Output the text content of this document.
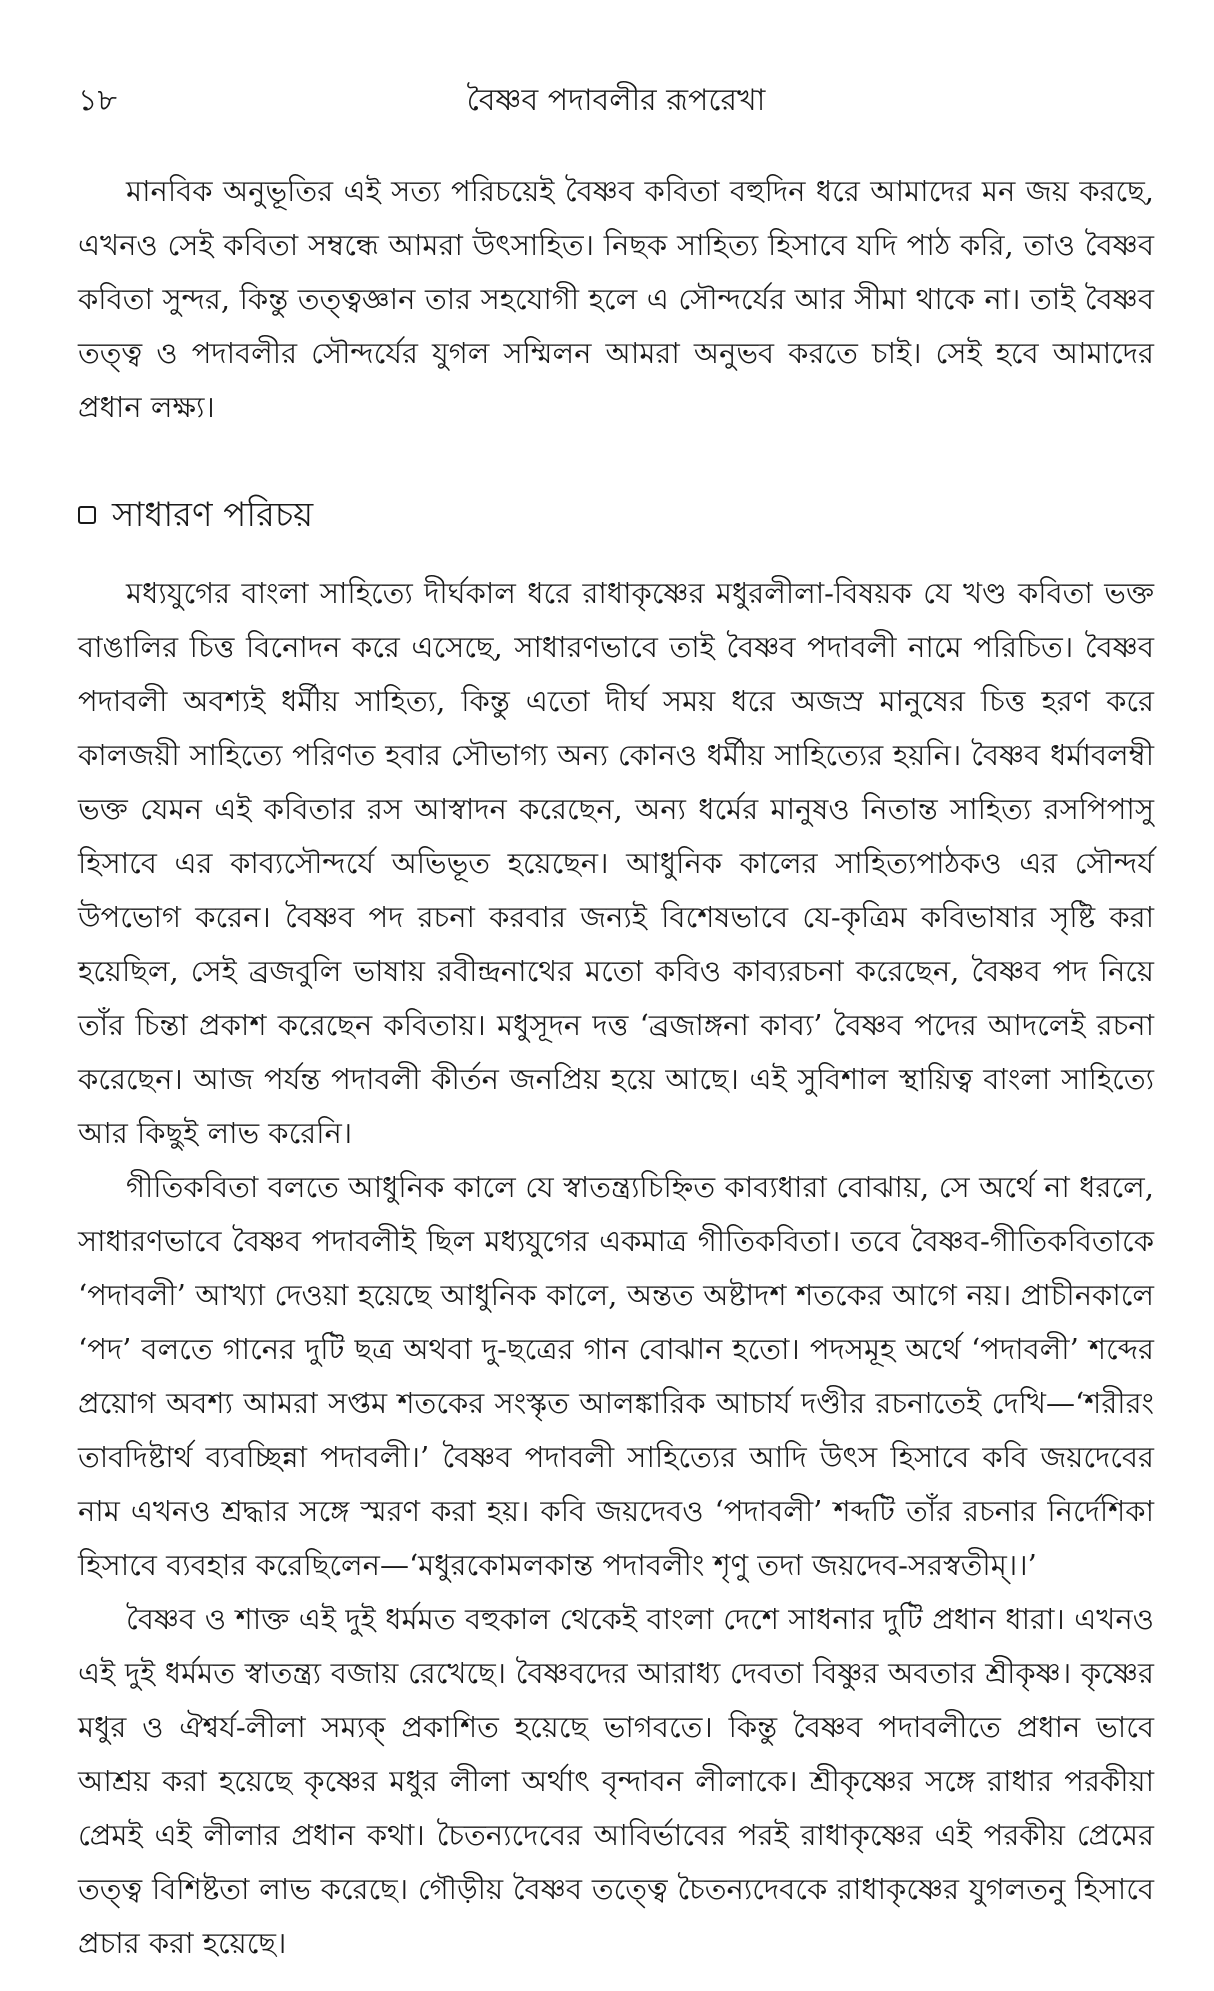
১৮	বৈষ্ণব পদাবলীর রূপরেখা

মানবিক অনুভূতির এই সত্য পরিচয়েই বৈষ্ণব কবিতা বহুদিন ধরে আমাদের মন জয় করছে, এখনও সেই কবিতা সম্বন্ধে আমরা উৎসাহিত। নিছক সাহিত্য হিসাবে যদি পাঠ করি, তাও বৈষ্ণব কবিতা সুন্দর, কিন্তু তত্ত্বজ্ঞান তার সহযোগী হলে এ সৌন্দর্যের আর সীমা থাকে না। তাই বৈষ্ণব তত্ত্ব ও পদাবলীর সৌন্দর্যের যুগল সম্মিলন আমরা অনুভব করতে চাই। সেই হবে আমাদের প্রধান লক্ষ্য।

সাধারণ পরিচয়

মধ্যযুগের বাংলা সাহিত্যে দীর্ঘকাল ধরে রাধাকৃষ্ণের মধুরলীলা-বিষয়ক যে খণ্ড কবিতা ভক্ত বাঙালির চিত্ত বিনোদন করে এসেছে, সাধারণভাবে তাই বৈষ্ণব পদাবলী নামে পরিচিত। বৈষ্ণব পদাবলী অবশ্যই ধর্মীয় সাহিত্য, কিন্তু এতো দীর্ঘ সময় ধরে অজস্র মানুষের চিত্ত হরণ করে কালজয়ী সাহিত্যে পরিণত হবার সৌভাগ্য অন্য কোনও ধর্মীয় সাহিত্যের হয়নি। বৈষ্ণব ধর্মাবলম্বী ভক্ত যেমন এই কবিতার রস আস্বাদন করেছেন, অন্য ধর্মের মানুষও নিতান্ত সাহিত্য রসপিপাসু হিসাবে এর কাব্যসৌন্দর্যে অভিভূত হয়েছেন। আধুনিক কালের সাহিত্যপাঠকও এর সৌন্দর্য উপভোগ করেন। বৈষ্ণব পদ রচনা করবার জন্যই বিশেষভাবে যে-কৃত্রিম কবিভাষার সৃষ্টি করা হয়েছিল, সেই ব্রজবুলি ভাষায় রবীন্দ্রনাথের মতো কবিও কাব্যরচনা করেছেন, বৈষ্ণব পদ নিয়ে তাঁর চিন্তা প্রকাশ করেছেন কবিতায়। মধুসূদন দত্ত ‘ব্রজাঙ্গনা কাব্য’ বৈষ্ণব পদের আদলেই রচনা করেছেন। আজ পর্যন্ত পদাবলী কীর্তন জনপ্রিয় হয়ে আছে। এই সুবিশাল স্থায়িত্ব বাংলা সাহিত্যে আর কিছুই লাভ করেনি।

গীতিকবিতা বলতে আধুনিক কালে যে স্বাতন্ত্র্যচিহ্নিত কাব্যধারা বোঝায়, সে অর্থে না ধরলে, সাধারণভাবে বৈষ্ণব পদাবলীই ছিল মধ্যযুগের একমাত্র গীতিকবিতা। তবে বৈষ্ণব-গীতিকবিতাকে ‘পদাবলী’ আখ্যা দেওয়া হয়েছে আধুনিক কালে, অন্তত অষ্টাদশ শতকের আগে নয়। প্রাচীনকালে ‘পদ’ বলতে গানের দুটি ছত্র অথবা দু-ছত্রের গান বোঝান হতো। পদসমূহ অর্থে ‘পদাবলী’ শব্দের প্রয়োগ অবশ্য আমরা সপ্তম শতকের সংস্কৃত আলঙ্কারিক আচার্য দণ্ডীর রচনাতেই দেখি—‘শরীরং তাবদিষ্টার্থ ব্যবচ্ছিন্না পদাবলী।’ বৈষ্ণব পদাবলী সাহিত্যের আদি উৎস হিসাবে কবি জয়দেবের নাম এখনও শ্রদ্ধার সঙ্গে স্মরণ করা হয়। কবি জয়দেবও ‘পদাবলী’ শব্দটি তাঁর রচনার নির্দেশিকা হিসাবে ব্যবহার করেছিলেন—‘মধুরকোমলকান্ত পদাবলীং শৃণু তদা জয়দেব-সরস্বতীম্।।’

বৈষ্ণব ও শাক্ত এই দুই ধর্মমত বহুকাল থেকেই বাংলা দেশে সাধনার দুটি প্রধান ধারা। এখনও এই দুই ধর্মমত স্বাতন্ত্র্য বজায় রেখেছে। বৈষ্ণবদের আরাধ্য দেবতা বিষ্ণুর অবতার শ্রীকৃষ্ণ। কৃষ্ণের মধুর ও ঐশ্বর্য-লীলা সম্যক্ প্রকাশিত হয়েছে ভাগবতে। কিন্তু বৈষ্ণব পদাবলীতে প্রধান ভাবে আশ্রয় করা হয়েছে কৃষ্ণের মধুর লীলা অর্থাৎ বৃন্দাবন লীলাকে। শ্রীকৃষ্ণের সঙ্গে রাধার পরকীয়া প্রেমই এই লীলার প্রধান কথা। চৈতন্যদেবের আবির্ভাবের পরই রাধাকৃষ্ণের এই পরকীয় প্রেমের তত্ত্ব বিশিষ্টতা লাভ করেছে। গৌড়ীয় বৈষ্ণব তত্ত্বে চৈতন্যদেবকে রাধাকৃষ্ণের যুগলতনু হিসাবে প্রচার করা হয়েছে।
